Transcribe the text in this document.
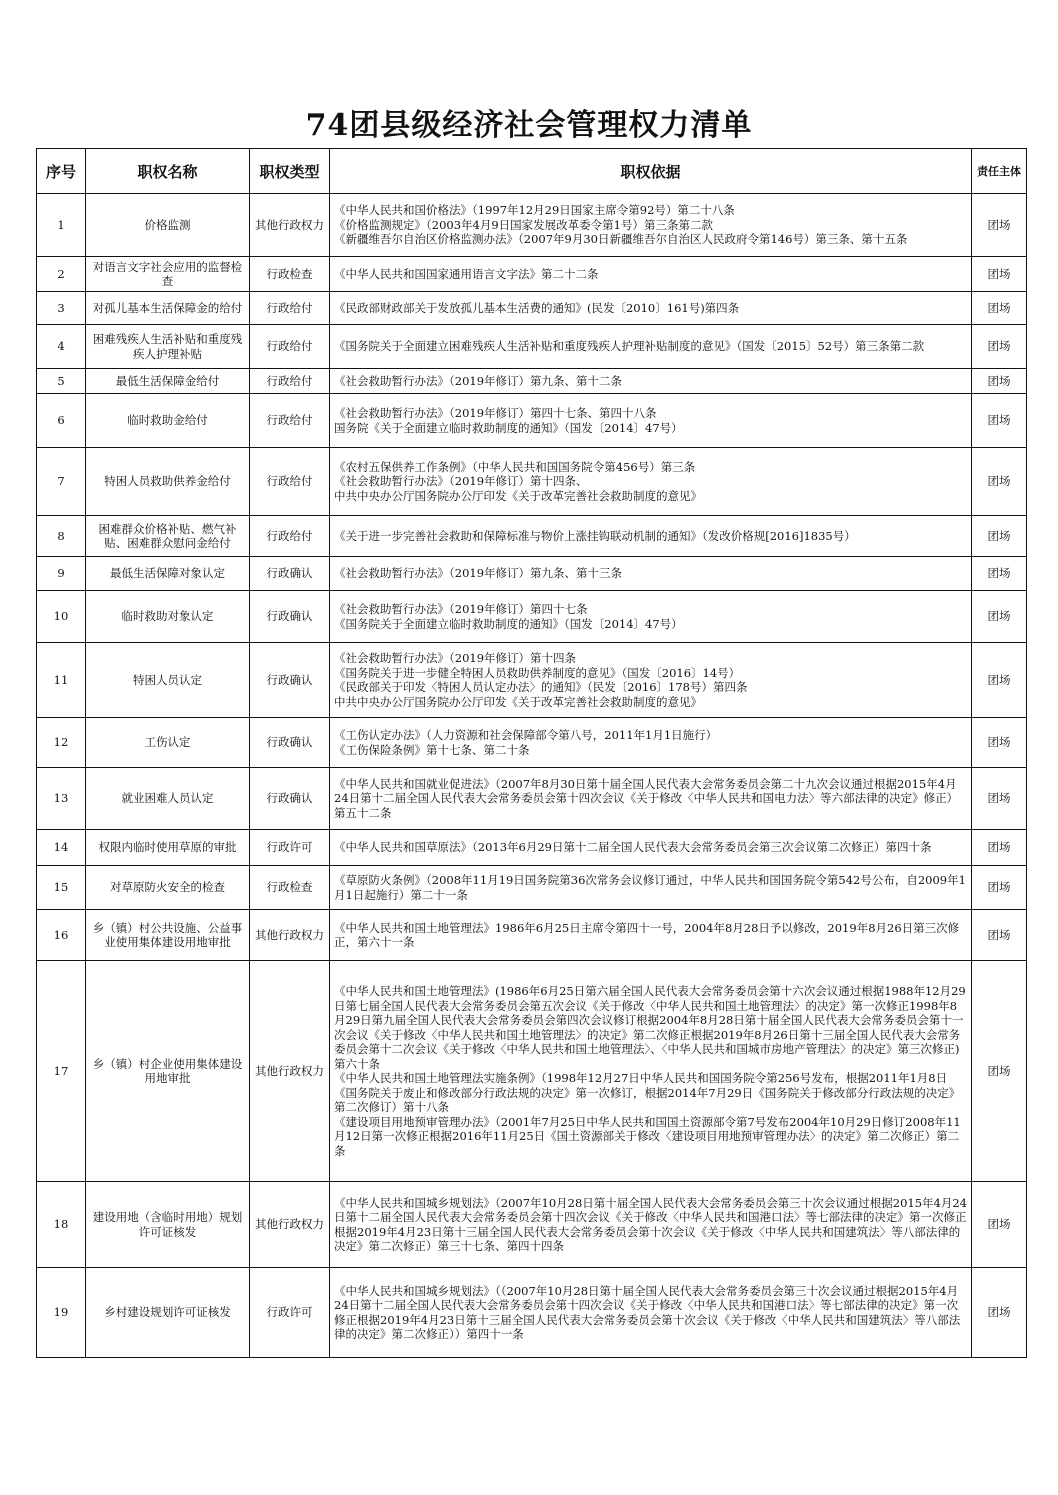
74团县级经济社会管理权力清单
序号	职权名称	职权类型	职权依据	责任主体
1	价格监测	其他行政权力	《中华人民共和国价格法》（1997年12月29日国家主席令第92号）第二十八条
《价格监测规定》（2003年4月9日国家发展改革委令第1号）第三条第二款
《新疆维吾尔自治区价格监测办法》（2007年9月30日新疆维吾尔自治区人民政府令第146号）第三条、第十五条	团场
2	对语言文字社会应用的监督检查	行政检查	《中华人民共和国国家通用语言文字法》第二十二条	团场
3	对孤儿基本生活保障金的给付	行政给付	《民政部财政部关于发放孤儿基本生活费的通知》(民发〔2010〕161号)第四条	团场
4	困难残疾人生活补贴和重度残疾人护理补贴	行政给付	《国务院关于全面建立困难残疾人生活补贴和重度残疾人护理补贴制度的意见》（国发〔2015〕52号）第三条第二款	团场
5	最低生活保障金给付	行政给付	《社会救助暂行办法》（2019年修订）第九条、第十二条	团场
6	临时救助金给付	行政给付	《社会救助暂行办法》（2019年修订）第四十七条、第四十八条
国务院《关于全面建立临时救助制度的通知》（国发〔2014〕47号）	团场
7	特困人员救助供养金给付	行政给付	《农村五保供养工作条例》（中华人民共和国国务院令第456号）第三条
《社会救助暂行办法》（2019年修订）第十四条、
中共中央办公厅国务院办公厅印发《关于改革完善社会救助制度的意见》	团场
8	困难群众价格补贴、燃气补贴、困难群众慰问金给付	行政给付	《关于进一步完善社会救助和保障标准与物价上涨挂钩联动机制的通知》（发改价格规[2016]1835号）	团场
9	最低生活保障对象认定	行政确认	《社会救助暂行办法》（2019年修订）第九条、第十三条	团场
10	临时救助对象认定	行政确认	《社会救助暂行办法》（2019年修订）第四十七条
《国务院关于全面建立临时救助制度的通知》（国发〔2014〕47号）	团场
11	特困人员认定	行政确认	《社会救助暂行办法》（2019年修订）第十四条
《国务院关于进一步健全特困人员救助供养制度的意见》（国发〔2016〕14号）
《民政部关于印发〈特困人员认定办法〉的通知》（民发〔2016〕178号）第四条
中共中央办公厅国务院办公厅印发《关于改革完善社会救助制度的意见》	团场
12	工伤认定	行政确认	《工伤认定办法》（人力资源和社会保障部令第八号，2011年1月1日施行）
《工伤保险条例》第十七条、第二十条	团场
13	就业困难人员认定	行政确认	《中华人民共和国就业促进法》（2007年8月30日第十届全国人民代表大会常务委员会第二十九次会议通过根据2015年4月24日第十二届全国人民代表大会常务委员会第十四次会议《关于修改〈中华人民共和国电力法〉等六部法律的决定》修正）第五十二条	团场
14	权限内临时使用草原的审批	行政许可	《中华人民共和国草原法》（2013年6月29日第十二届全国人民代表大会常务委员会第三次会议第二次修正）第四十条	团场
15	对草原防火安全的检查	行政检查	《草原防火条例》（2008年11月19日国务院第36次常务会议修订通过，中华人民共和国国务院令第542号公布，自2009年1月1日起施行）第二十一条	团场
16	乡（镇）村公共设施、公益事业使用集体建设用地审批	其他行政权力	《中华人民共和国土地管理法》1986年6月25日主席令第四十一号，2004年8月28日予以修改，2019年8月26日第三次修正，第六十一条	团场
17	乡（镇）村企业使用集体建设用地审批	其他行政权力	《中华人民共和国土地管理法》(1986年6月25日第六届全国人民代表大会常务委员会第十六次会议通过根据1988年12月29日第七届全国人民代表大会常务委员会第五次会议《关于修改〈中华人民共和国土地管理法〉的决定》第一次修正1998年8月29日第九届全国人民代表大会常务委员会第四次会议修订根据2004年8月28日第十届全国人民代表大会常务委员会第十一次会议《关于修改〈中华人民共和国土地管理法〉的决定》第二次修正根据2019年8月26日第十三届全国人民代表大会常务委员会第十二次会议《关于修改〈中华人民共和国土地管理法〉、〈中华人民共和国城市房地产管理法〉的决定》第三次修正)第六十条
《中华人民共和国土地管理法实施条例》（1998年12月27日中华人民共和国国务院令第256号发布，根据2011年1月8日《国务院关于废止和修改部分行政法规的决定》第一次修订，根据2014年7月29日《国务院关于修改部分行政法规的决定》第二次修订）第十八条
《建设项目用地预审管理办法》（2001年7月25日中华人民共和国国土资源部令第7号发布2004年10月29日修订2008年11月12日第一次修正根据2016年11月25日《国土资源部关于修改〈建设项目用地预审管理办法〉的决定》第二次修正）第二条	团场
18	建设用地（含临时用地）规划许可证核发	其他行政权力	《中华人民共和国城乡规划法》（2007年10月28日第十届全国人民代表大会常务委员会第三十次会议通过根据2015年4月24日第十二届全国人民代表大会常务委员会第十四次会议《关于修改〈中华人民共和国港口法〉等七部法律的决定》第一次修正根据2019年4月23日第十三届全国人民代表大会常务委员会第十次会议《关于修改〈中华人民共和国建筑法〉等八部法律的决定》第二次修正）第三十七条、第四十四条	团场
19	乡村建设规划许可证核发	行政许可	《中华人民共和国城乡规划法》（（2007年10月28日第十届全国人民代表大会常务委员会第三十次会议通过根据2015年4月24日第十二届全国人民代表大会常务委员会第十四次会议《关于修改〈中华人民共和国港口法〉等七部法律的决定》第一次修正根据2019年4月23日第十三届全国人民代表大会常务委员会第十次会议《关于修改〈中华人民共和国建筑法〉等八部法律的决定》第二次修正））第四十一条	团场
